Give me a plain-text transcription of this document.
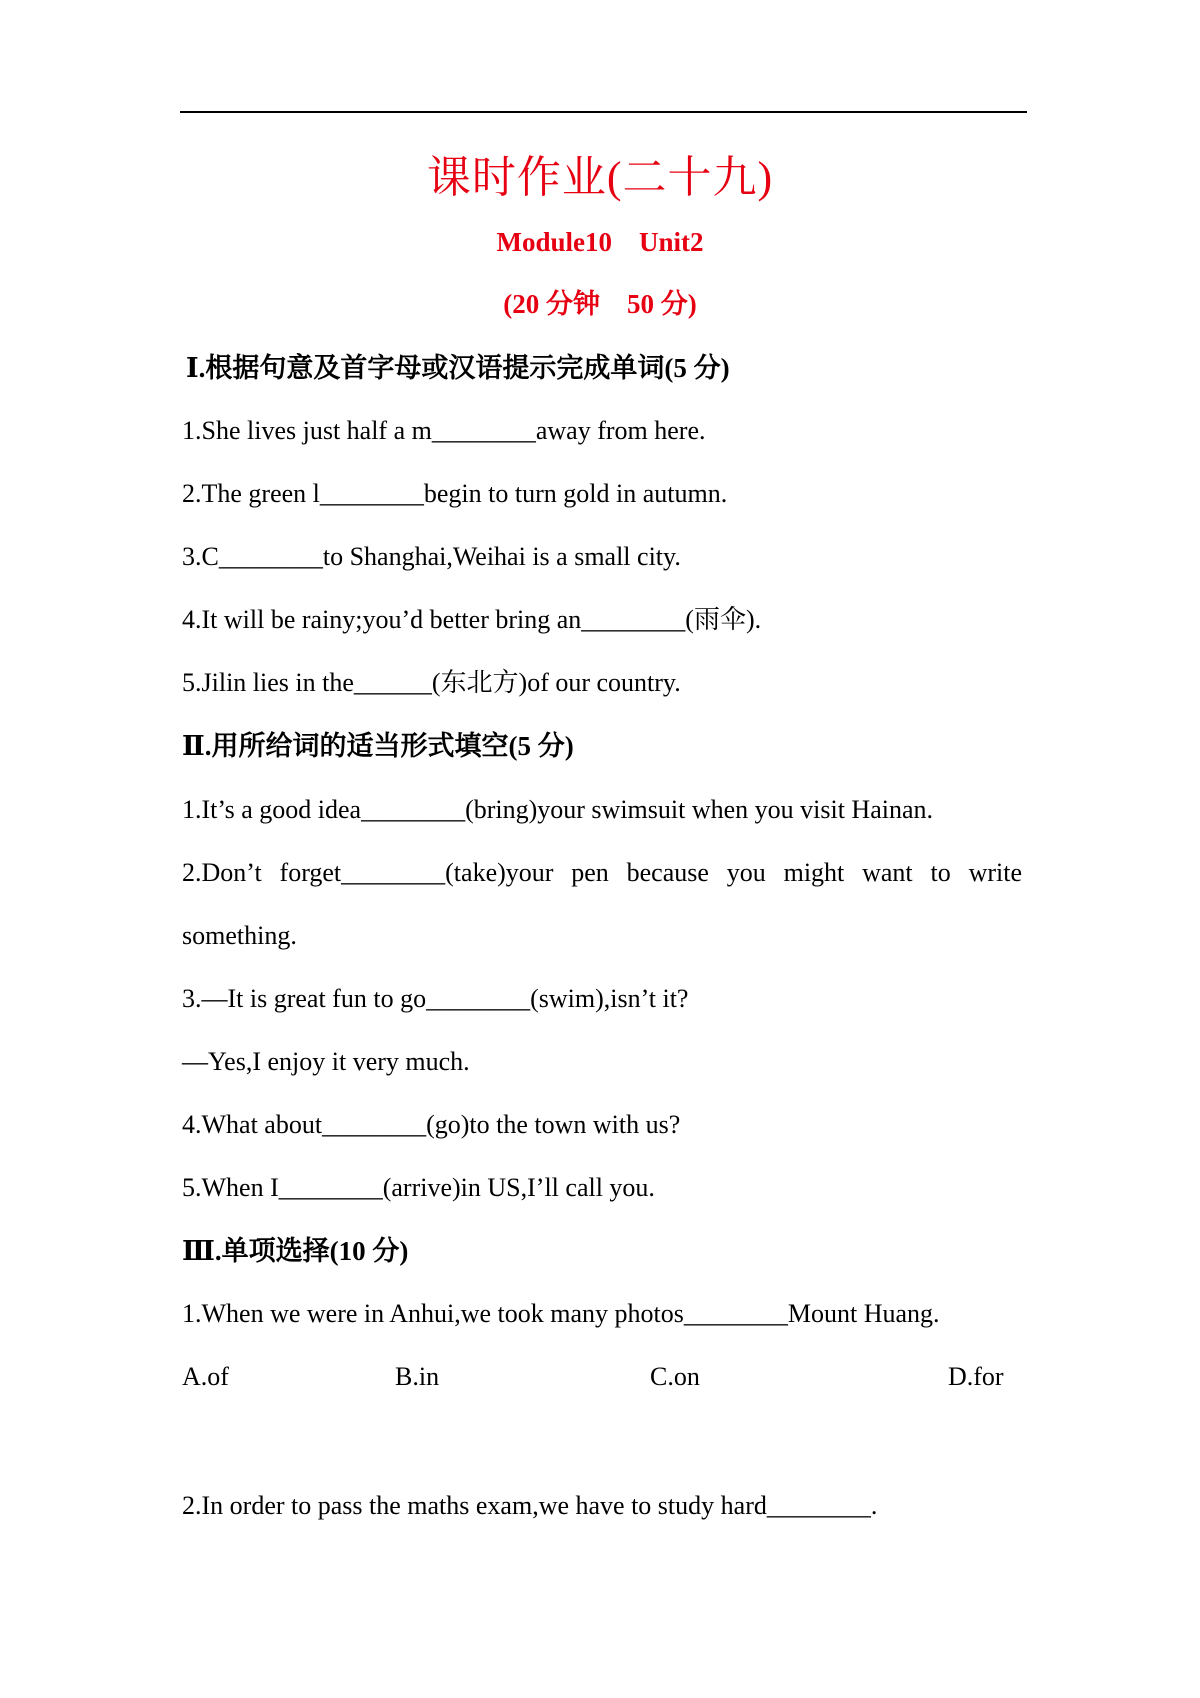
课时作业(二十九)
Module10    Unit2
(20 分钟    50 分)
Ⅰ.根据句意及首字母或汉语提示完成单词(5 分)
1.She lives just half a m________away from here.
2.The green l________begin to turn gold in autumn.
3.C________to Shanghai,Weihai is a small city.
4.It will be rainy;you’d better bring an________(雨伞).
5.Jilin lies in the______(东北方)of our country.
Ⅱ.用所给词的适当形式填空(5 分)
1.It’s a good idea________(bring)your swimsuit when you visit Hainan.
2.Don’t forget________(take)your pen because you might want to write
something.
3.—It is great fun to go________(swim),isn’t it?
—Yes,I enjoy it very much.
4.What about________(go)to the town with us?
5.When I________(arrive)in US,I’ll call you.
Ⅲ.单项选择(10 分)
1.When we were in Anhui,we took many photos________Mount Huang.
A.of	B.in	C.on	D.for
2.In order to pass the maths exam,we have to study hard________.
